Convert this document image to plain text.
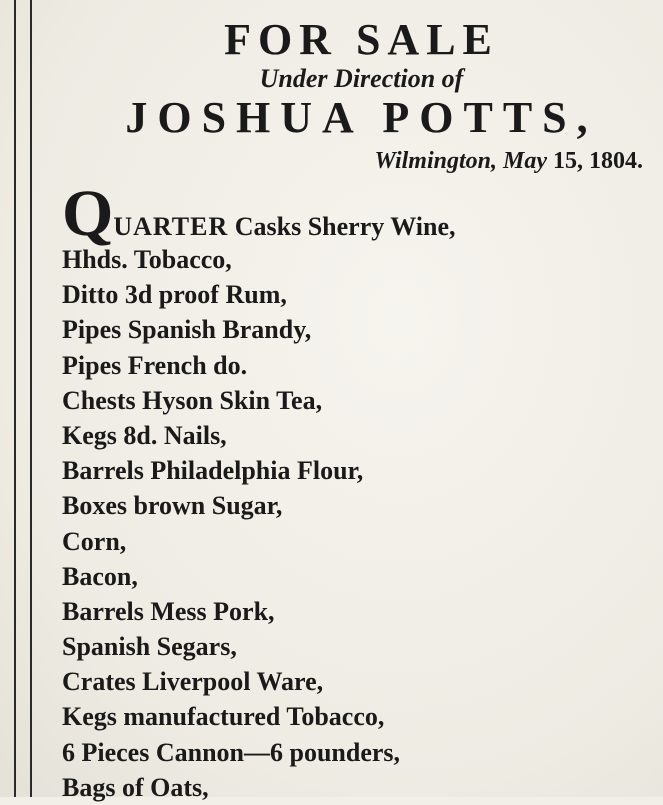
FOR SALE
Under Direction of
JOSHUA POTTS,
Wilmington, May 15, 1804.
QUARTER Casks Sherry Wine,
Hhds. Tobacco,
Ditto 3d proof Rum,
Pipes Spanish Brandy,
Pipes French do.
Chests Hyson Skin Tea,
Kegs 8d. Nails,
Barrels Philadelphia Flour,
Boxes brown Sugar,
Corn,
Bacon,
Barrels Mess Pork,
Spanish Segars,
Crates Liverpool Ware,
Kegs manufactured Tobacco,
6 Pieces Cannon—6 pounders,
Bags of Oats,
